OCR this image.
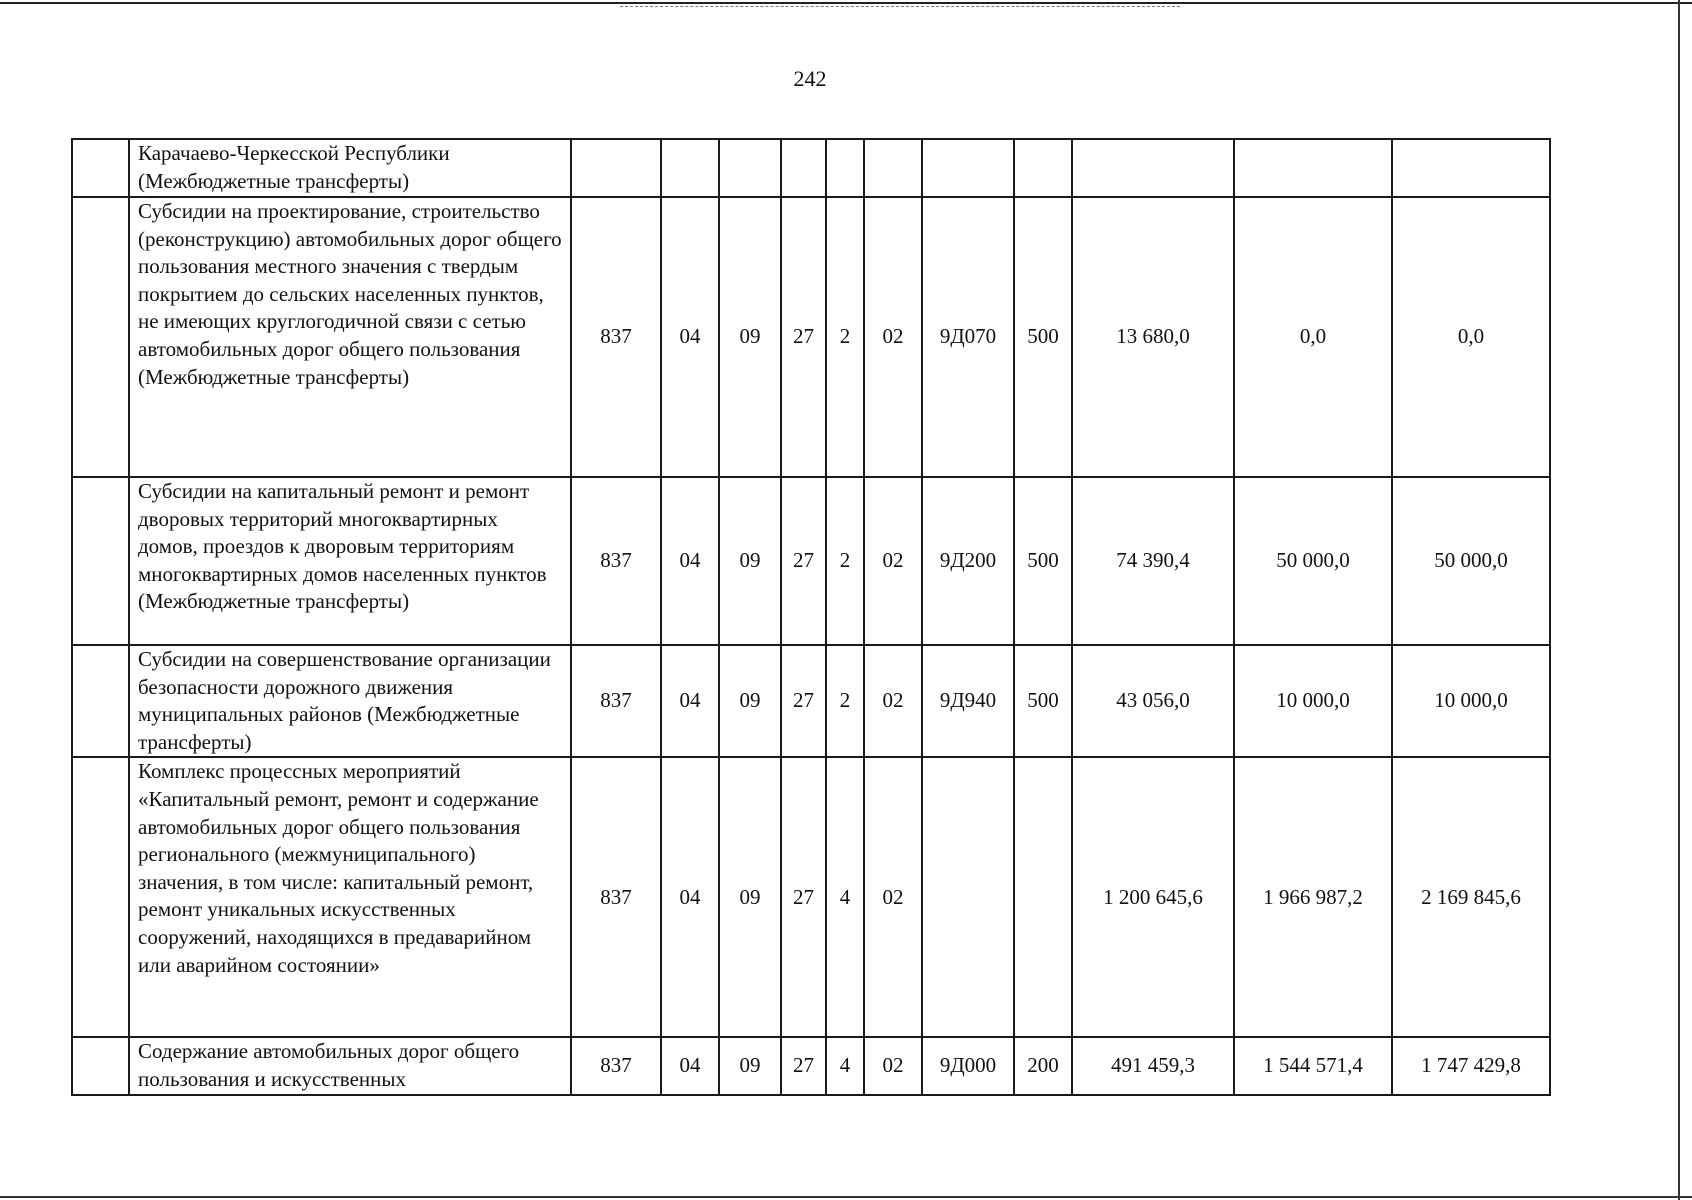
242
	Карачаево-Черкесской Республики (Межбюджетные трансферты)											
	Субсидии на проектирование, строительство (реконструкцию) автомобильных дорог общего пользования местного значения с твердым покрытием до сельских населенных пунктов, не имеющих круглогодичной связи с сетью автомобильных дорог общего пользования (Межбюджетные трансферты)	837	04	09	27	2	02	9Д070	500	13 680,0	0,0	0,0
	Субсидии на капитальный ремонт и ремонт дворовых территорий многоквартирных домов, проездов к дворовым территориям многоквартирных домов населенных пунктов (Межбюджетные трансферты)	837	04	09	27	2	02	9Д200	500	74 390,4	50 000,0	50 000,0
	Субсидии на совершенствование организации безопасности дорожного движения муниципальных районов (Межбюджетные трансферты)	837	04	09	27	2	02	9Д940	500	43 056,0	10 000,0	10 000,0
	Комплекс процессных мероприятий «Капитальный ремонт, ремонт и содержание автомобильных дорог общего пользования регионального (межмуниципального) значения, в том числе: капитальный ремонт, ремонт уникальных искусственных сооружений, находящихся в предаварийном или аварийном состоянии»	837	04	09	27	4	02			1 200 645,6	1 966 987,2	2 169 845,6
	Содержание автомобильных дорог общего пользования и искусственных	837	04	09	27	4	02	9Д000	200	491 459,3	1 544 571,4	1 747 429,8
